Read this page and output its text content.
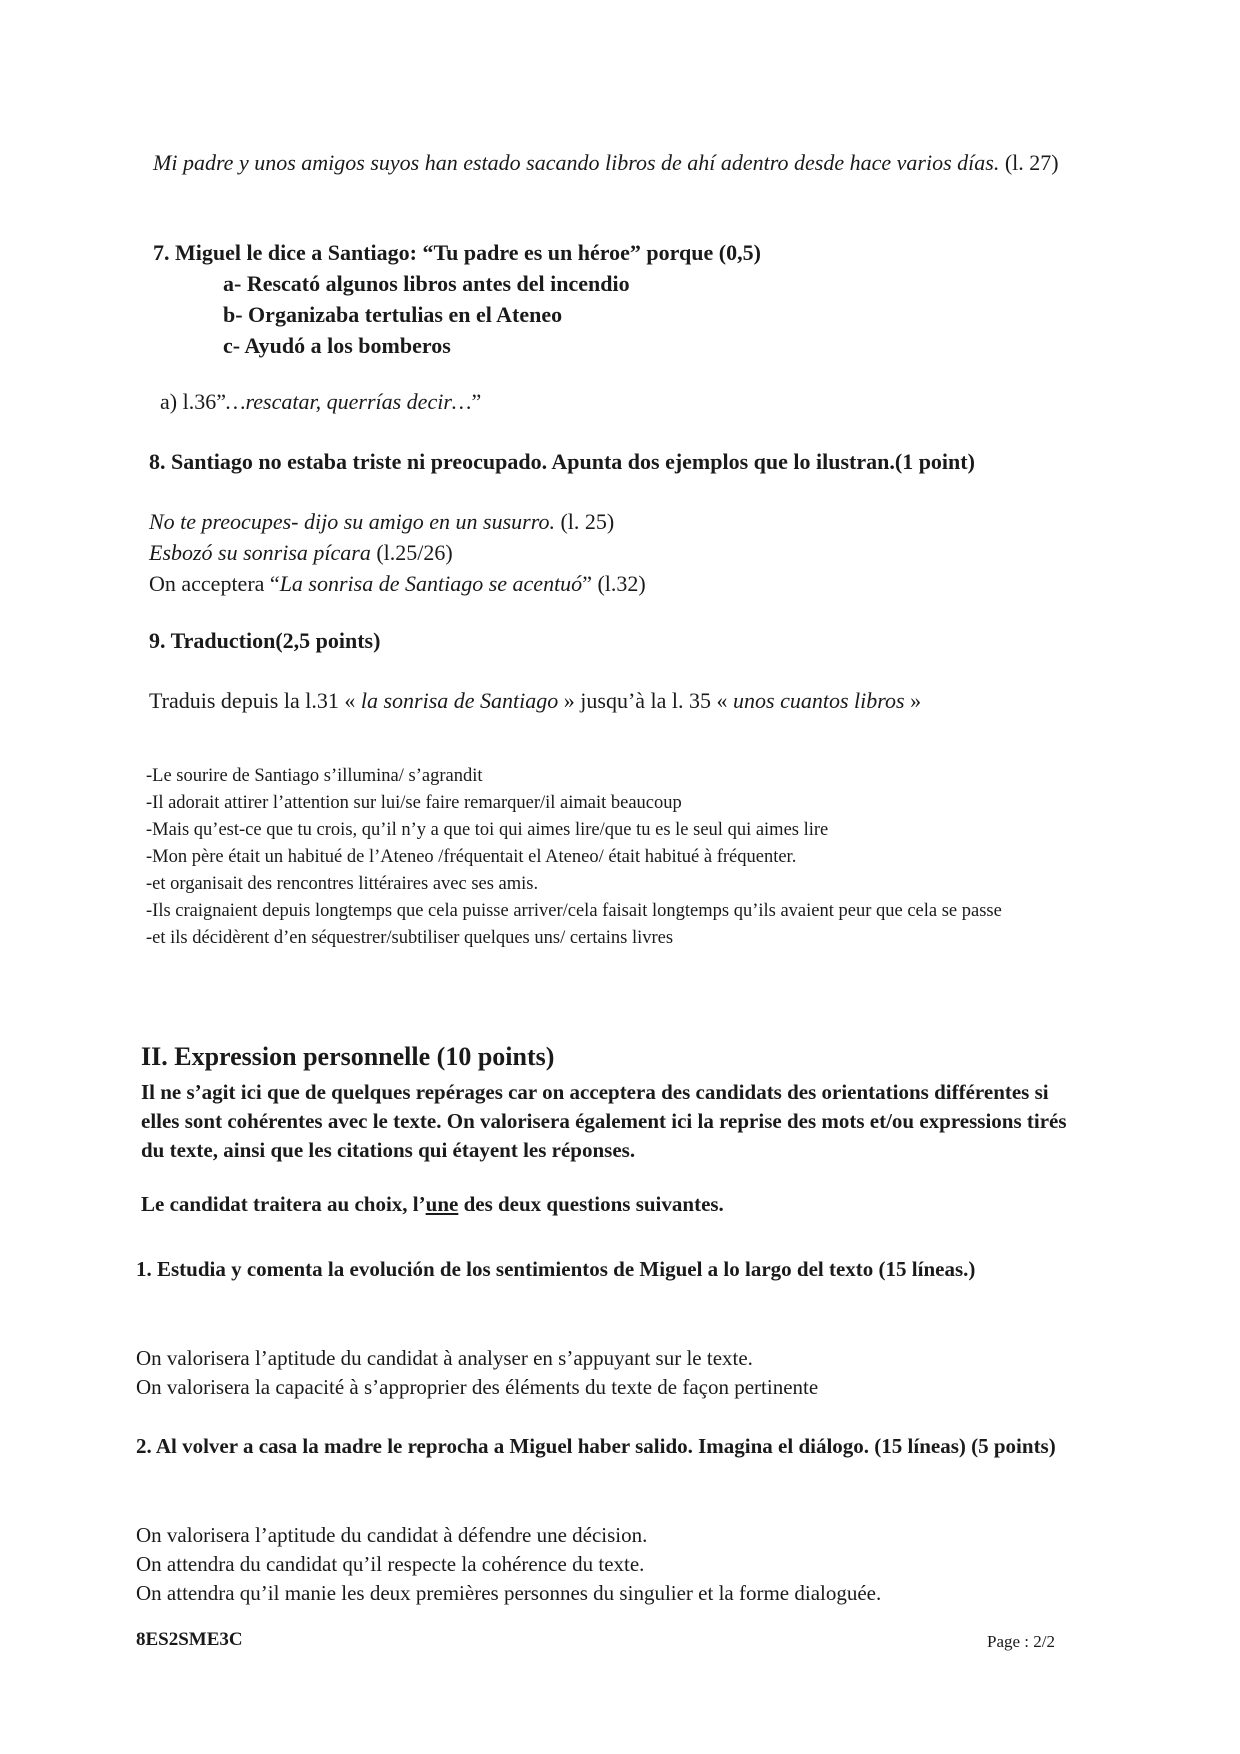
Mi padre y unos amigos suyos han estado sacando libros de ahí adentro desde hace varios días. (l. 27)
7. Miguel le dice a Santiago: “Tu padre es un héroe” porque (0,5)
a- Rescató algunos libros antes del incendio
b- Organizaba tertulias en el Ateneo
c- Ayudó a los bomberos
a) l.36”…rescatar, querrías decir…”
8. Santiago no estaba triste ni preocupado. Apunta dos ejemplos que lo ilustran.(1 point)
No te preocupes- dijo su amigo en un susurro. (l. 25)
Esbozó su sonrisa pícara (l.25/26)
On acceptera “La sonrisa de Santiago se acentuó” (l.32)
9. Traduction(2,5 points)
Traduis depuis la l.31 « la sonrisa de Santiago » jusqu’à la l. 35 « unos cuantos libros »
-Le sourire de Santiago s’illumina/ s’agrandit
-Il adorait attirer l’attention sur lui/se faire remarquer/il aimait beaucoup
-Mais qu’est-ce que tu crois, qu’il n’y a que toi qui aimes lire/que tu es le seul qui aimes lire
-Mon père était un habitué de l’Ateneo /fréquentait el Ateneo/ était habitué à fréquenter.
-et organisait des rencontres littéraires avec ses amis.
-Ils craignaient depuis longtemps que cela puisse arriver/cela faisait longtemps qu’ils avaient peur que cela se passe
-et ils décidèrent d’en séquestrer/subtiliser quelques uns/ certains livres
II. Expression personnelle (10 points)
Il ne s’agit ici que de quelques repérages car on acceptera des candidats des orientations différentes si elles sont cohérentes avec le texte. On valorisera également ici la reprise des mots et/ou expressions tirés du texte, ainsi que les citations qui étayent les réponses.
Le candidat traitera au choix, l’une des deux questions suivantes.
1. Estudia y comenta la evolución de los sentimientos de Miguel a lo largo del texto (15 líneas.)
On valorisera l’aptitude du candidat à analyser en s’appuyant sur le texte.
On valorisera la capacité à s’approprier des éléments du texte de façon pertinente
2. Al volver a casa la madre le reprocha a Miguel haber salido. Imagina el diálogo. (15 líneas) (5 points)
On valorisera l’aptitude du candidat à défendre une décision.
On attendra du candidat qu’il respecte la cohérence du texte.
On attendra qu’il manie les deux premières personnes du singulier et la forme dialoguée.
8ES2SME3C	Page : 2/2
